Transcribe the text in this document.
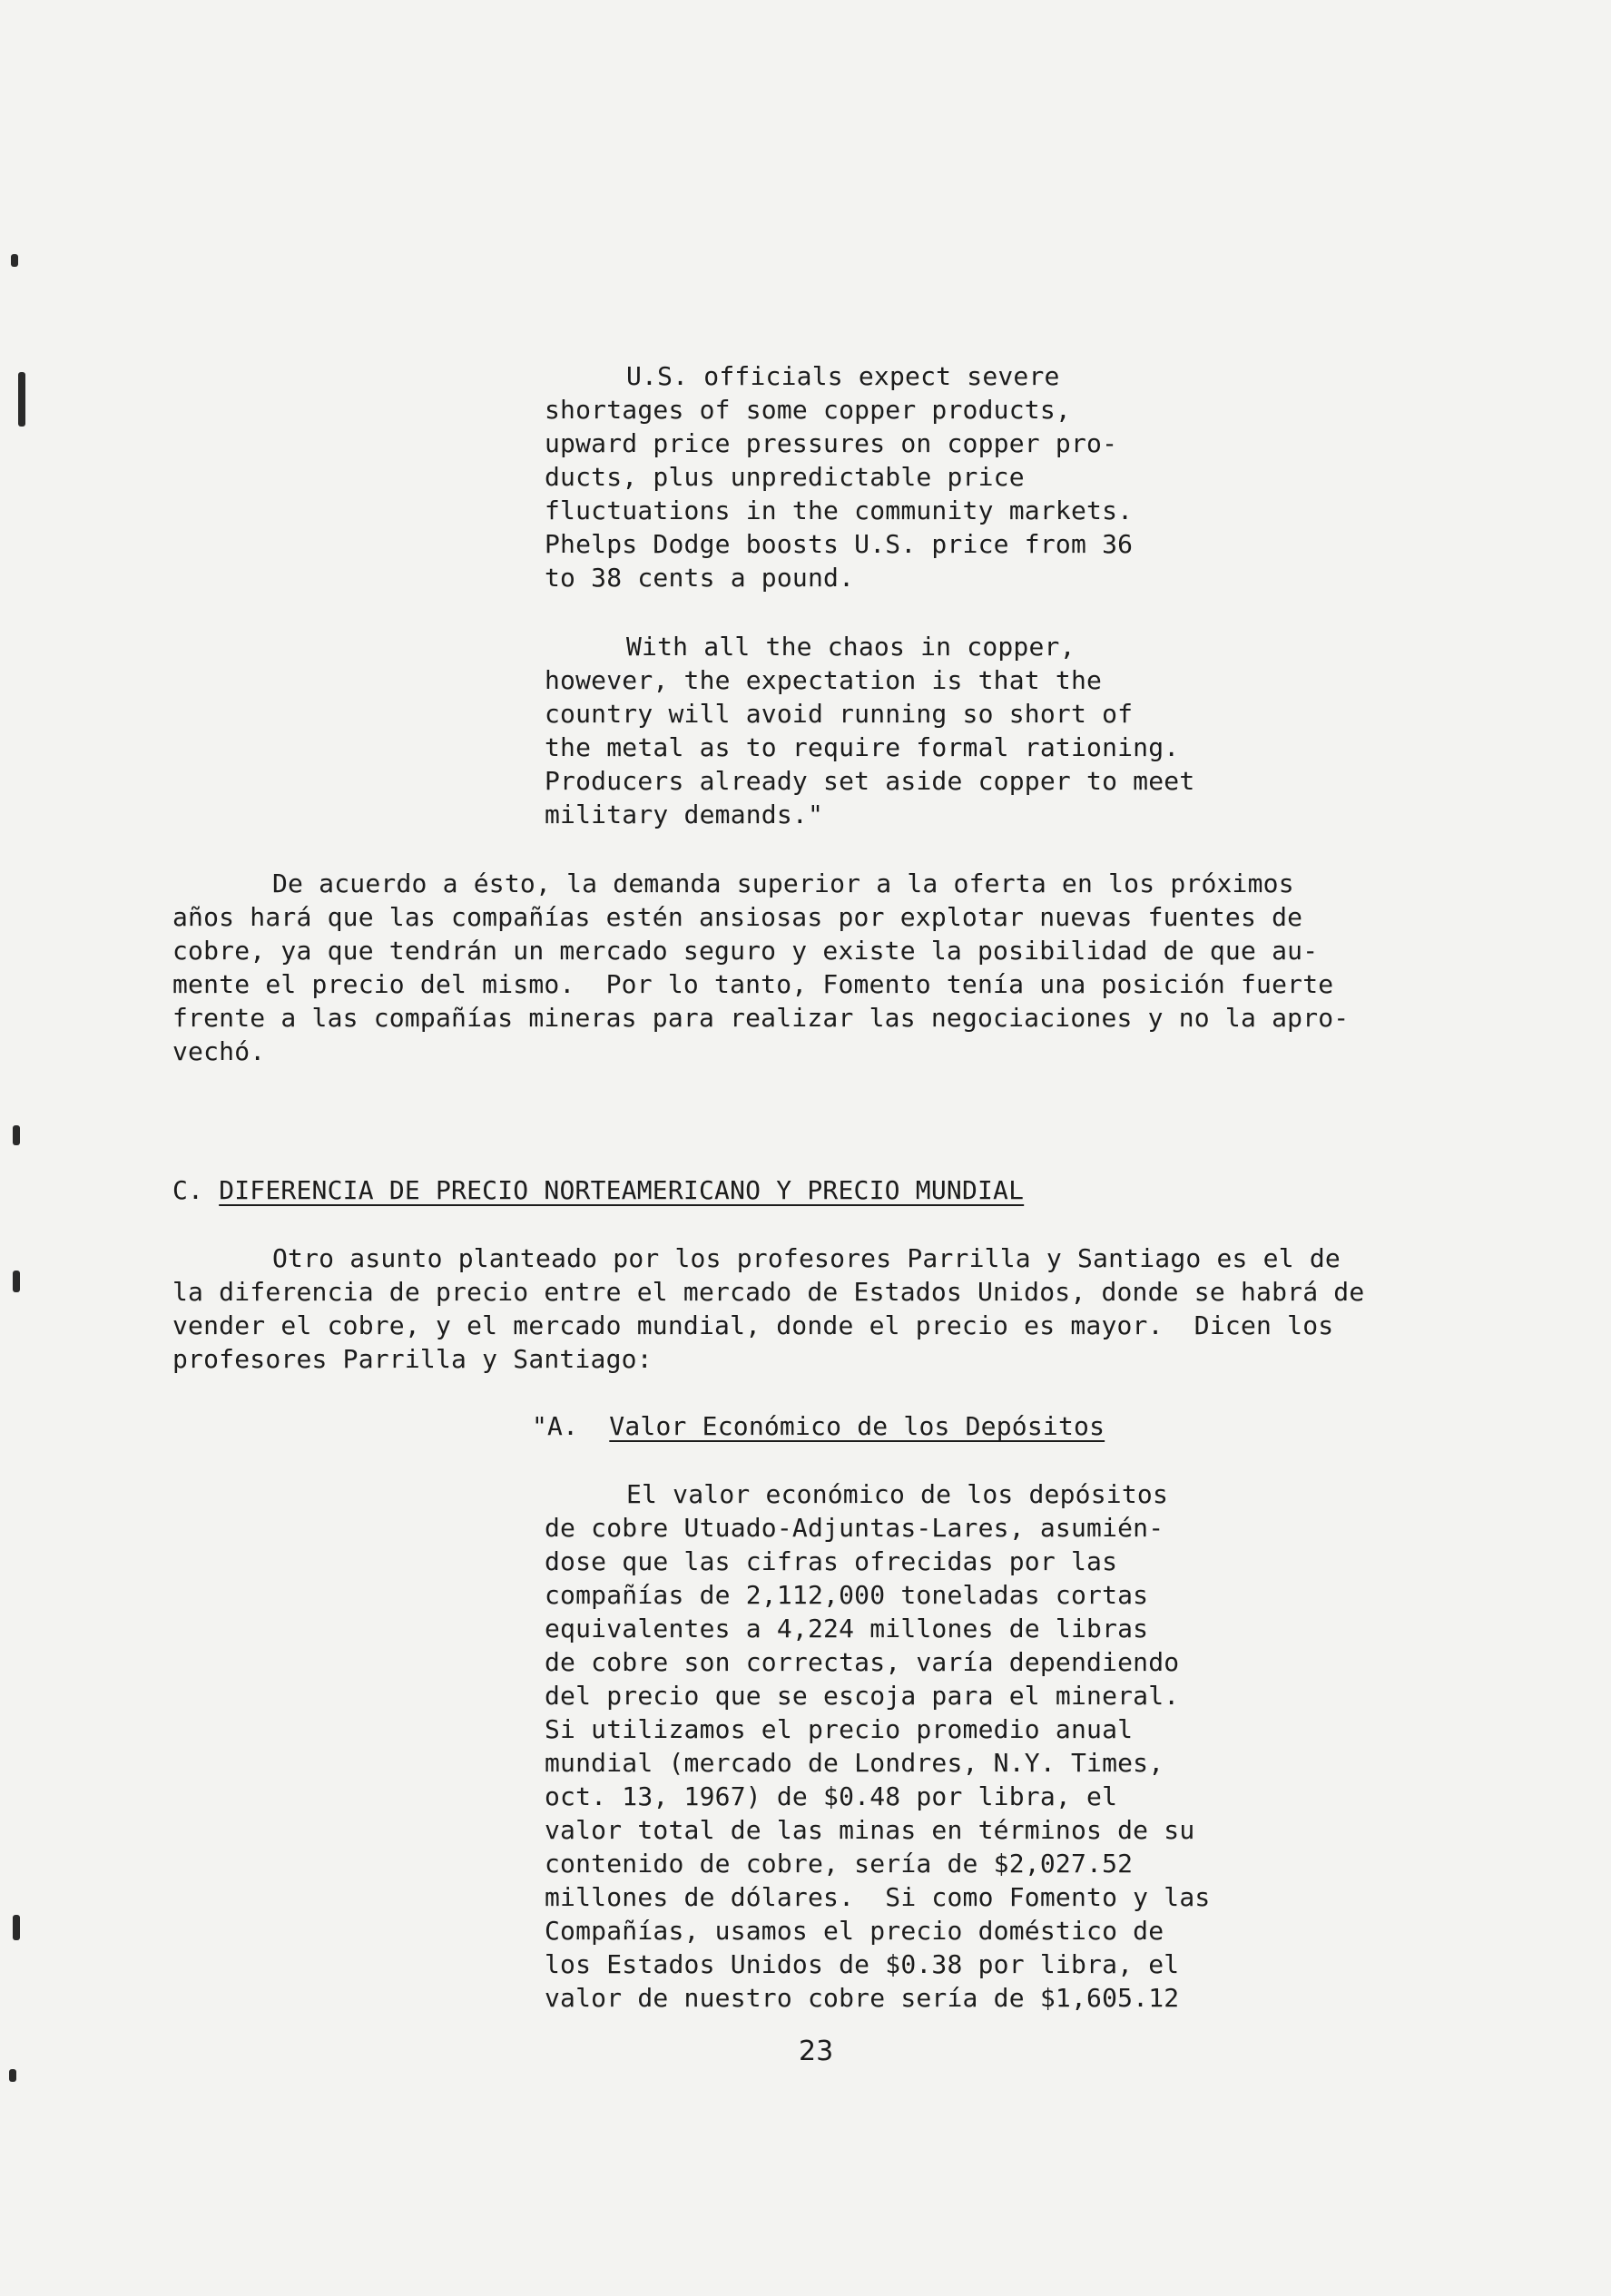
U.S. officials expect severe
shortages of some copper products,
upward price pressures on copper pro-
ducts, plus unpredictable price
fluctuations in the community markets.
Phelps Dodge boosts U.S. price from 36
to 38 cents a pound.
With all the chaos in copper,
however, the expectation is that the
country will avoid running so short of
the metal as to require formal rationing.
Producers already set aside copper to meet
military demands."
De acuerdo a ésto, la demanda superior a la oferta en los próximos
años hará que las compañías estén ansiosas por explotar nuevas fuentes de
cobre, ya que tendrán un mercado seguro y existe la posibilidad de que au-
mente el precio del mismo.  Por lo tanto, Fomento tenía una posición fuerte
frente a las compañías mineras para realizar las negociaciones y no la apro-
vechó.
C. DIFERENCIA DE PRECIO NORTEAMERICANO Y PRECIO MUNDIAL
Otro asunto planteado por los profesores Parrilla y Santiago es el de
la diferencia de precio entre el mercado de Estados Unidos, donde se habrá de
vender el cobre, y el mercado mundial, donde el precio es mayor.  Dicen los
profesores Parrilla y Santiago:
"A.  Valor Económico de los Depósitos
El valor económico de los depósitos
de cobre Utuado-Adjuntas-Lares, asumién-
dose que las cifras ofrecidas por las
compañías de 2,112,000 toneladas cortas
equivalentes a 4,224 millones de libras
de cobre son correctas, varía dependiendo
del precio que se escoja para el mineral.
Si utilizamos el precio promedio anual
mundial (mercado de Londres, N.Y. Times,
oct. 13, 1967) de $0.48 por libra, el
valor total de las minas en términos de su
contenido de cobre, sería de $2,027.52
millones de dólares.  Si como Fomento y las
Compañías, usamos el precio doméstico de
los Estados Unidos de $0.38 por libra, el
valor de nuestro cobre sería de $1,605.12
23
